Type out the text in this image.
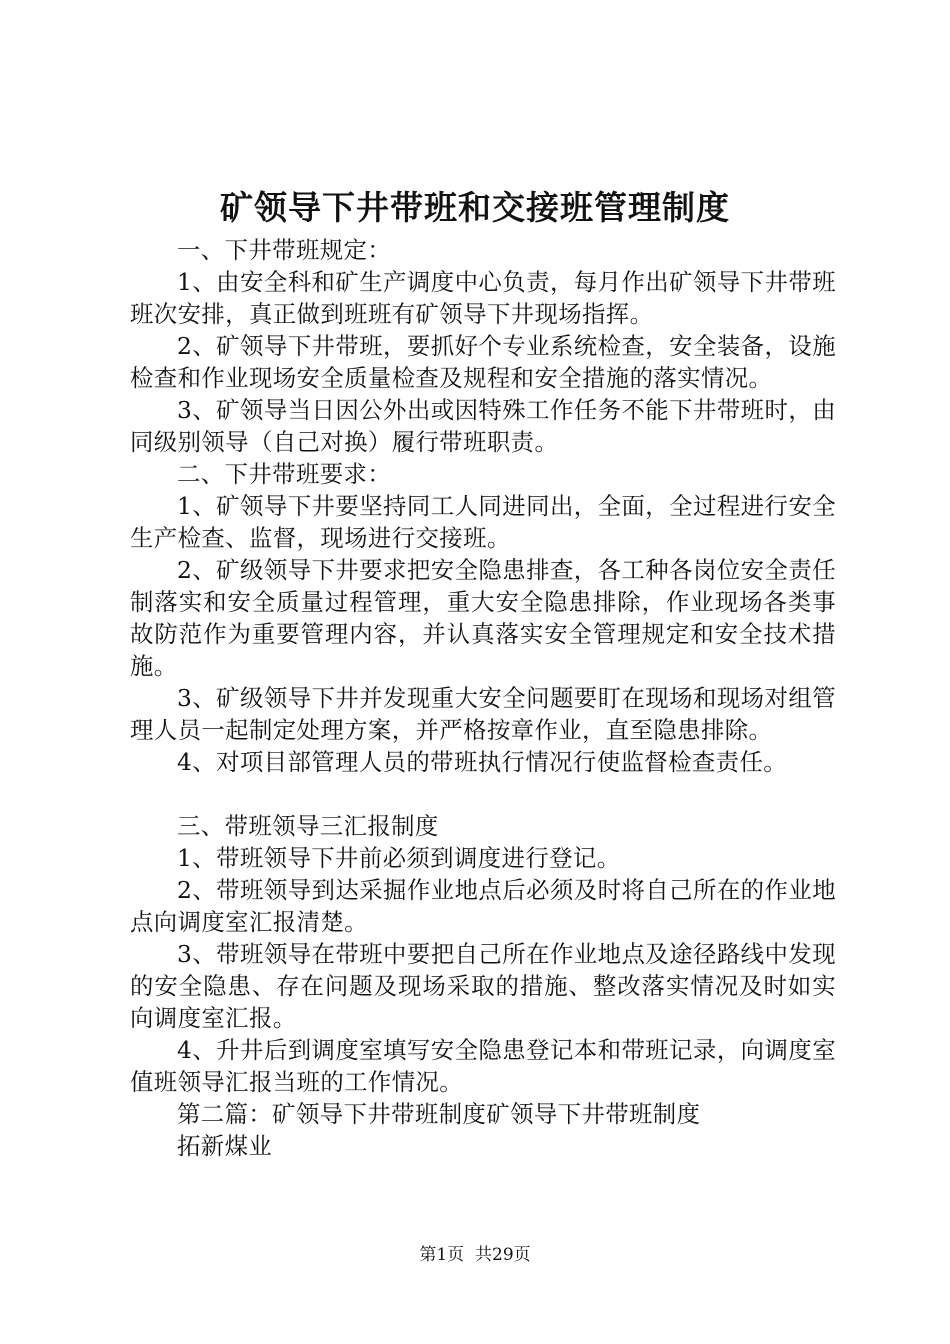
矿领导下井带班和交接班管理制度

一、下井带班规定：

1、由安全科和矿生产调度中心负责，每月作出矿领导下井带班班次安排，真正做到班班有矿领导下井现场指挥。

2、矿领导下井带班，要抓好个专业系统检查，安全装备，设施检查和作业现场安全质量检查及规程和安全措施的落实情况。

3、矿领导当日因公外出或因特殊工作任务不能下井带班时，由同级别领导（自己对换）履行带班职责。

二、下井带班要求：

1、矿领导下井要坚持同工人同进同出，全面，全过程进行安全生产检查、监督，现场进行交接班。

2、矿级领导下井要求把安全隐患排查，各工种各岗位安全责任制落实和安全质量过程管理，重大安全隐患排除，作业现场各类事故防范作为重要管理内容，并认真落实安全管理规定和安全技术措施。

3、矿级领导下井并发现重大安全问题要盯在现场和现场对组管理人员一起制定处理方案，并严格按章作业，直至隐患排除。

4、对项目部管理人员的带班执行情况行使监督检查责任。

三、带班领导三汇报制度

1、带班领导下井前必须到调度进行登记。

2、带班领导到达采掘作业地点后必须及时将自己所在的作业地点向调度室汇报清楚。

3、带班领导在带班中要把自己所在作业地点及途径路线中发现的安全隐患、存在问题及现场采取的措施、整改落实情况及时如实向调度室汇报。

4、升井后到调度室填写安全隐患登记本和带班记录，向调度室值班领导汇报当班的工作情况。

第二篇：矿领导下井带班制度矿领导下井带班制度

拓新煤业

第1页 共29页
